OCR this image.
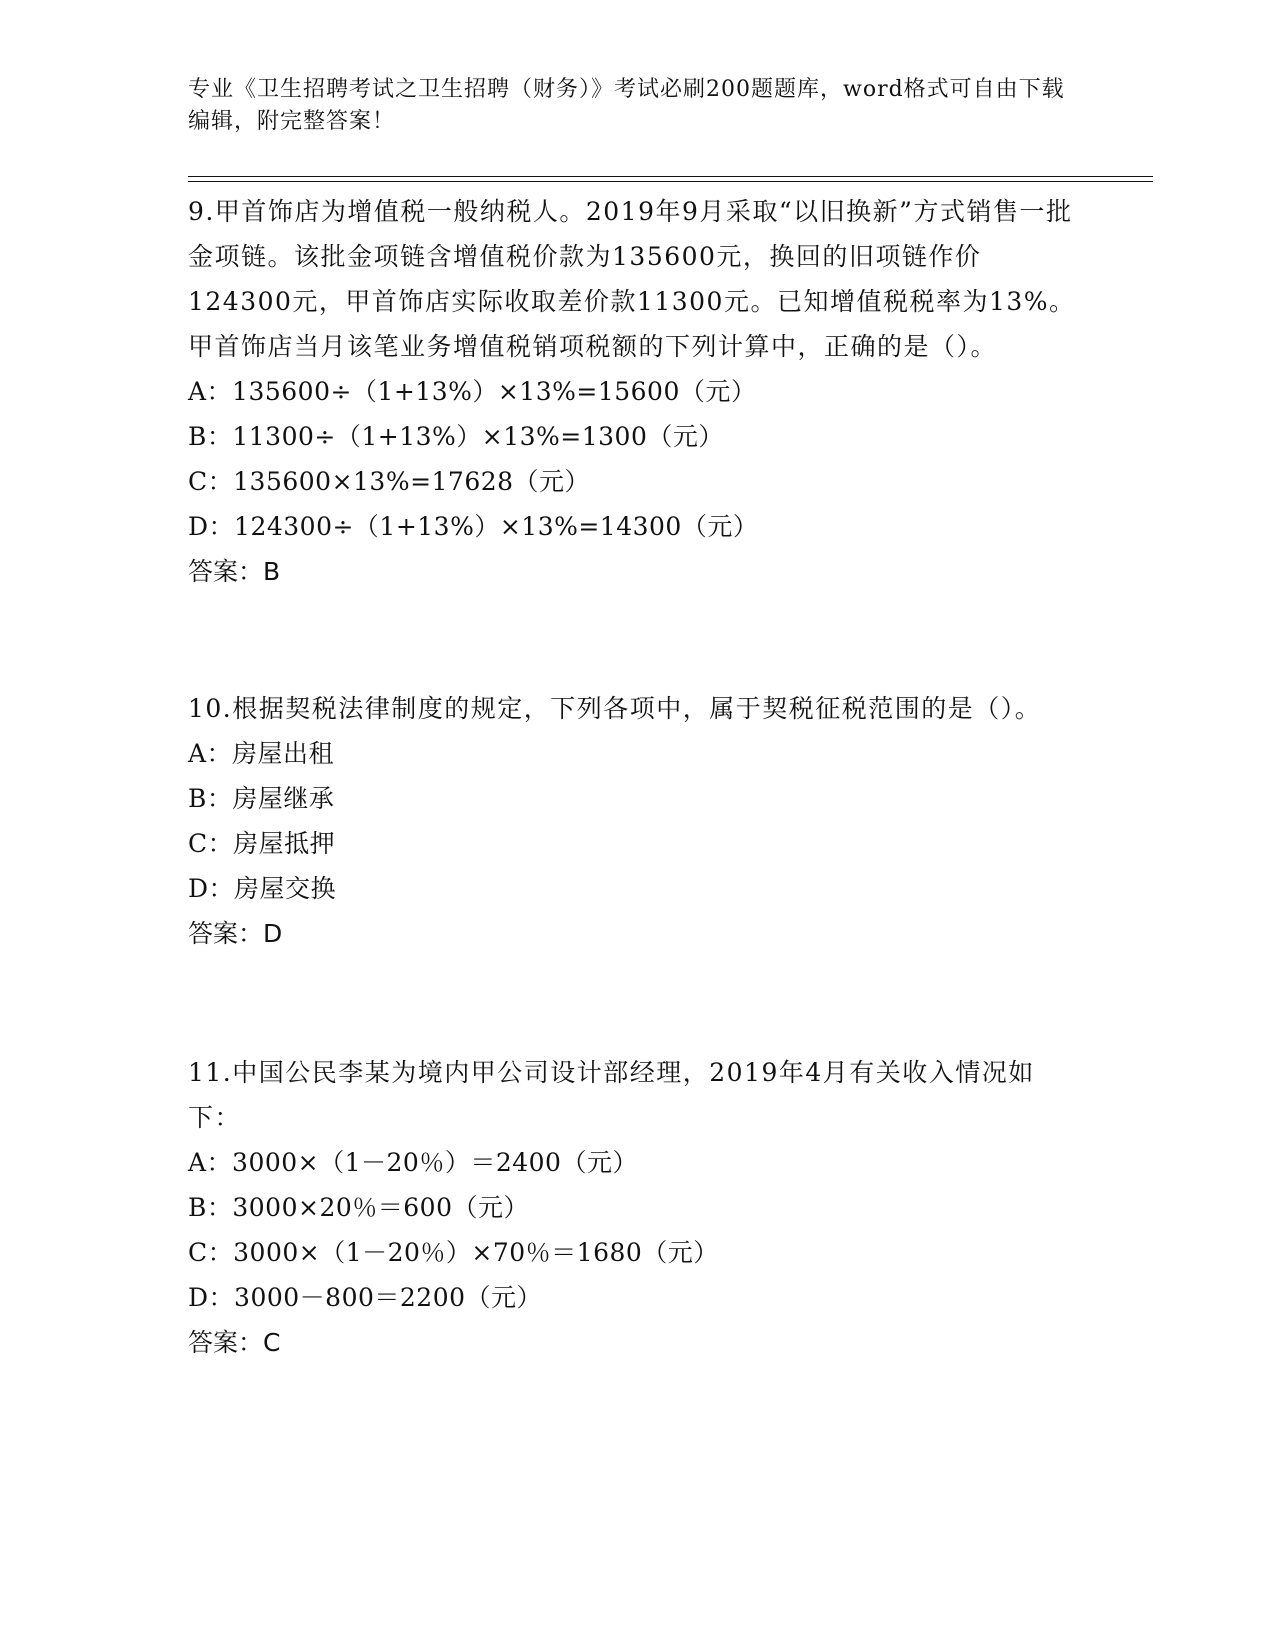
专业《卫生招聘考试之卫生招聘（财务）》考试必刷200题题库，word格式可自由下载编辑，附完整答案！

9.甲首饰店为增值税一般纳税人。2019年9月采取“以旧换新”方式销售一批金项链。该批金项链含增值税价款为135600元，换回的旧项链作价124300元，甲首饰店实际收取差价款11300元。已知增值税税率为13%。甲首饰店当月该笔业务增值税销项税额的下列计算中，正确的是（）。

A：135600÷（1+13%）×13%=15600（元）

B：11300÷（1+13%）×13%=1300（元）

C：135600×13%=17628（元）

D：124300÷（1+13%）×13%=14300（元）

答案：B

10.根据契税法律制度的规定，下列各项中，属于契税征税范围的是（）。

A：房屋出租

B：房屋继承

C：房屋抵押

D：房屋交换

答案：D

11.中国公民李某为境内甲公司设计部经理，2019年4月有关收入情况如下：

A：3000×（1－20％）＝2400（元）

B：3000×20％＝600（元）

C：3000×（1－20％）×70％＝1680（元）

D：3000－800＝2200（元）

答案：C
